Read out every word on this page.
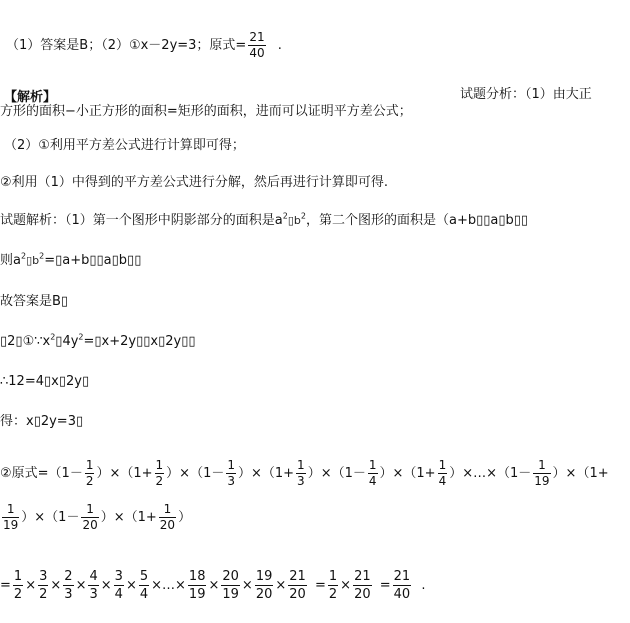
（1）答案是B；（2）①x－2y=3；原式= $\frac{21}{40}$ .
【解析】	试题分析：（1）由大正
方形的面积−小正方形的面积=矩形的面积，进而可以证明平方差公式；
（2）①利用平方差公式进行计算即可得；
②利用（1）中得到的平方差公式进行分解，然后再进行计算即可得.
试题解析：（1）第一个图形中阴影部分的面积是$a^2▯b^2$，第二个图形的面积是（a+b▯▯a▯b▯▯
则$a^2▯b^2=▯a+b▯▯a▯b▯▯$
故答案是B▯
$▯2▯①\because x^2▯4y^2=▯x+2y▯▯x▯2y▯▯$
∴12=4▯x▯2y▯
得：x▯2y=3▯
②原式$=(1- \frac{1}{2} )\times(1+ \frac{1}{2} )\times(1- \frac{1}{3} )\times(1+ \frac{1}{3} )\times(1- \frac{1}{4} )\times(1+ \frac{1}{4}$ ）×…×（1－ $\frac{1}{19} )\times(1+$
$\frac{1}{19} )\times(1- \frac{1}{20} )\times(1+ \frac{1}{20}$ ）
= $\frac{1}{2} \times \frac{3}{2} \times \frac{2}{3} \times \frac{4}{3} \times \frac{3}{4} \times \frac{5}{4}$ ×…× $\frac{18}{19} \times \frac{20}{19} \times \frac{19}{20} \times \frac{21}{20} = \frac{1}{2} \times \frac{21}{20} = \frac{21}{40}$ .
